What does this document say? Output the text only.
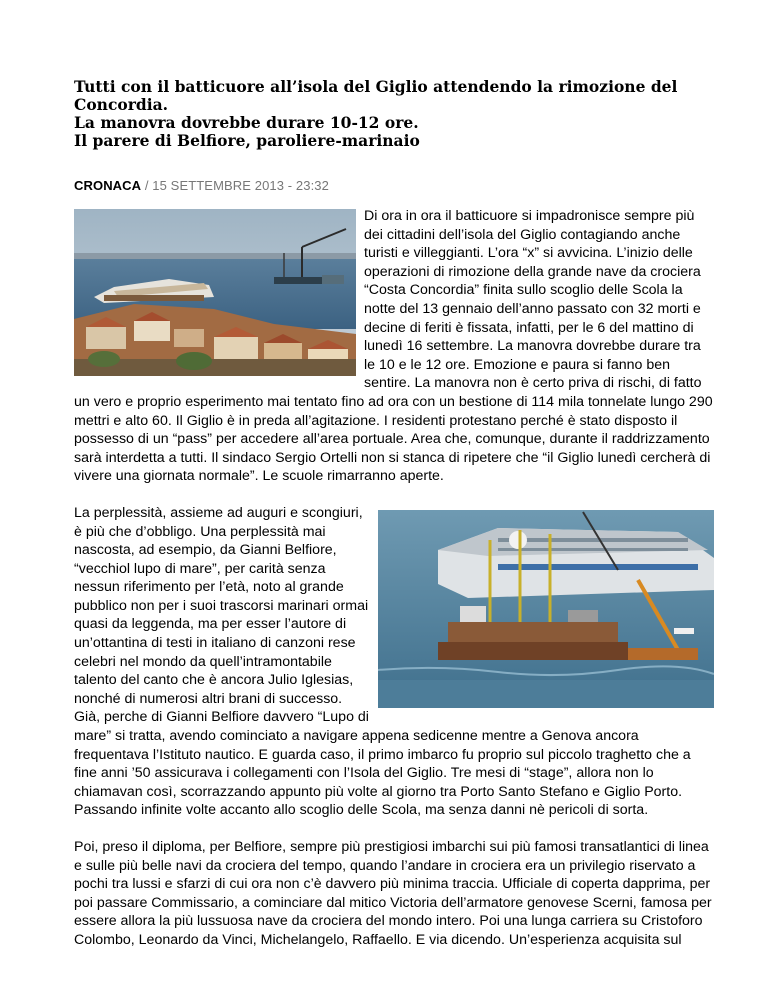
Tutti con il batticuore all’isola del Giglio attendendo la rimozione del
Concordia.
La manovra dovrebbe durare 10-12 ore.
Il parere di Belfiore, paroliere-marinaio
CRONACA / 15 SETTEMBRE 2013 - 23:32

Di ora in ora il batticuore si impadronisce sempre più dei cittadini dell’isola del Giglio contagiando anche turisti e villeggianti. L’ora “x” si avvicina. L’inizio delle operazioni di rimozione della grande nave da crociera “Costa Concordia” finita sullo scoglio delle Scola la notte del 13 gennaio dell’anno passato con 32 morti e decine di feriti è fissata, infatti, per le 6 del mattino di lunedì 16 settembre. La manovra dovrebbe durare tra le 10 e le 12 ore. Emozione e paura si fanno ben sentire. La manovra non è certo priva di rischi, di fatto un vero e proprio esperimento mai tentato fino ad ora con un bestione di 114 mila tonnelate lungo 290 mettri e alto 60. Il Giglio è in preda all’agitazione. I residenti protestano perché è stato disposto il possesso di un “pass” per accedere all’area portuale. Area che, comunque, durante il raddrizzamento sarà interdetta a tutti. Il sindaco Sergio Ortelli non si stanca di ripetere che “il Giglio lunedì cercherà di vivere una giornata normale”. Le scuole rimarranno aperte.

La perplessità, assieme ad auguri e scongiuri, è più che d’obbligo. Una perplessità mai nascosta, ad esempio, da Gianni Belfiore, “vecchiol lupo di mare”, per carità senza nessun riferimento per l’età, noto al grande pubblico non per i suoi trascorsi marinari ormai quasi da leggenda, ma per esser l’autore di un’ottantina di testi in italiano di canzoni rese celebri nel mondo da quell’intramontabile talento del canto che è ancora Julio Iglesias, nonché di numerosi altri brani di successo. Già, perche di Gianni Belfiore davvero “Lupo di mare” si tratta, avendo cominciato a navigare appena sedicenne mentre a Genova ancora frequentava l’Istituto nautico. E guarda caso, il primo imbarco fu proprio sul piccolo traghetto che a fine anni ’50 assicurava i collegamenti con l’Isola del Giglio. Tre mesi di “stage”, allora non lo chiamavan così, scorrazzando appunto più volte al giorno tra Porto Santo Stefano e Giglio Porto. Passando infinite volte accanto allo scoglio delle Scola, ma senza danni nè pericoli di sorta.

Poi, preso il diploma, per Belfiore, sempre più prestigiosi imbarchi sui più famosi transatlantici di linea e sulle più belle navi da crociera del tempo, quando l’andare in crociera era un privilegio riservato a pochi tra lussi e sfarzi di cui ora non c’è davvero più minima traccia. Ufficiale di coperta dapprima, per poi passare Commissario, a cominciare dal mitico Victoria dell’armatore genovese Scerni, famosa per essere allora la più lussuosa nave da crociera del mondo intero. Poi una lunga carriera su Cristoforo Colombo, Leonardo da Vinci, Michelangelo, Raffaello. E via dicendo. Un’esperienza acquisita sul
